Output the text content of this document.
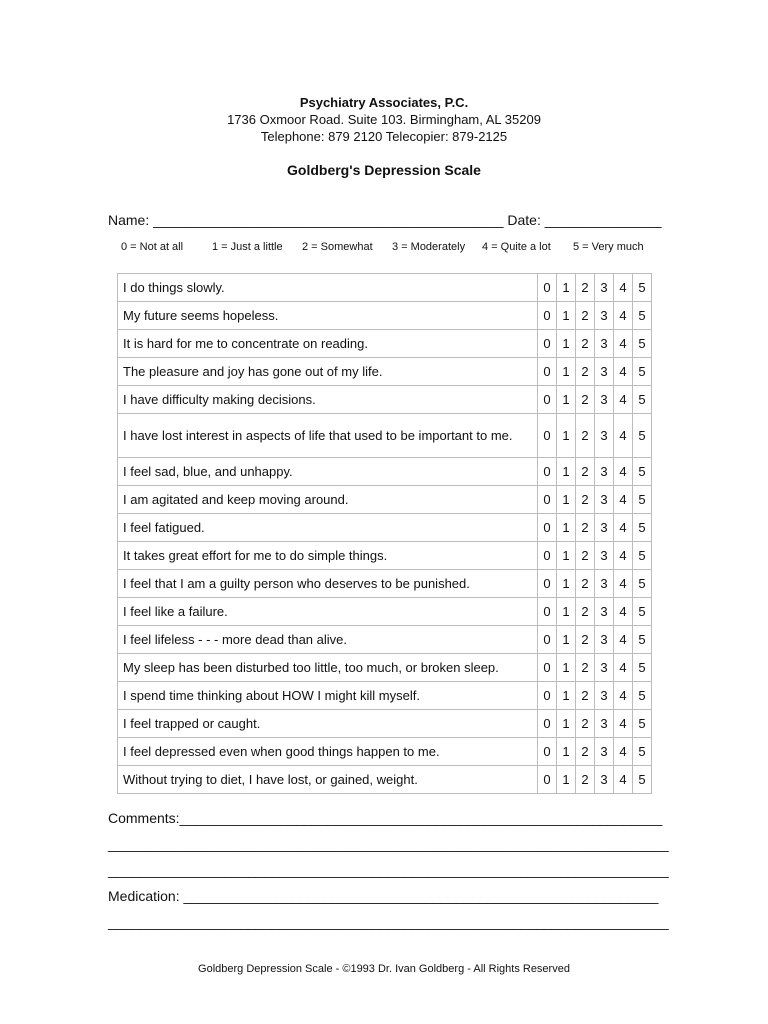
Psychiatry Associates, P.C.
1736 Oxmoor Road. Suite 103. Birmingham, AL 35209
Telephone: 879 2120 Telecopier: 879-2125
Goldberg's Depression Scale
Name: _____________________________________________ Date: _______________
0 = Not at all	1 = Just a little 2 = Somewhat 3 = Moderately 4 = Quite a lot 5 = Very much
I do things slowly.	0	1	2	3	4	5
My future seems hopeless.	0	1	2	3	4	5
It is hard for me to concentrate on reading.	0	1	2	3	4	5
The pleasure and joy has gone out of my life.	0	1	2	3	4	5
I have difficulty making decisions.	0	1	2	3	4	5
I have lost interest in aspects of life that used to be important to me.	0	1	2	3	4	5
I feel sad, blue, and unhappy.	0	1	2	3	4	5
I am agitated and keep moving around.	0	1	2	3	4	5
I feel fatigued.	0	1	2	3	4	5
It takes great effort for me to do simple things.	0	1	2	3	4	5
I feel that I am a guilty person who deserves to be punished.	0	1	2	3	4	5
I feel like a failure.	0	1	2	3	4	5
I feel lifeless - - - more dead than alive.	0	1	2	3	4	5
My sleep has been disturbed too little, too much, or broken sleep.	0	1	2	3	4	5
I spend time thinking about HOW I might kill myself.	0	1	2	3	4	5
I feel trapped or caught.	0	1	2	3	4	5
I feel depressed even when good things happen to me.	0	1	2	3	4	5
Without trying to diet, I have lost, or gained, weight.	0	1	2	3	4	5
Comments:______________________________________________________________
________________________________________________________________________
________________________________________________________________________
Medication: _____________________________________________________________
________________________________________________________________________
Goldberg Depression Scale - ©1993 Dr. Ivan Goldberg - All Rights Reserved
